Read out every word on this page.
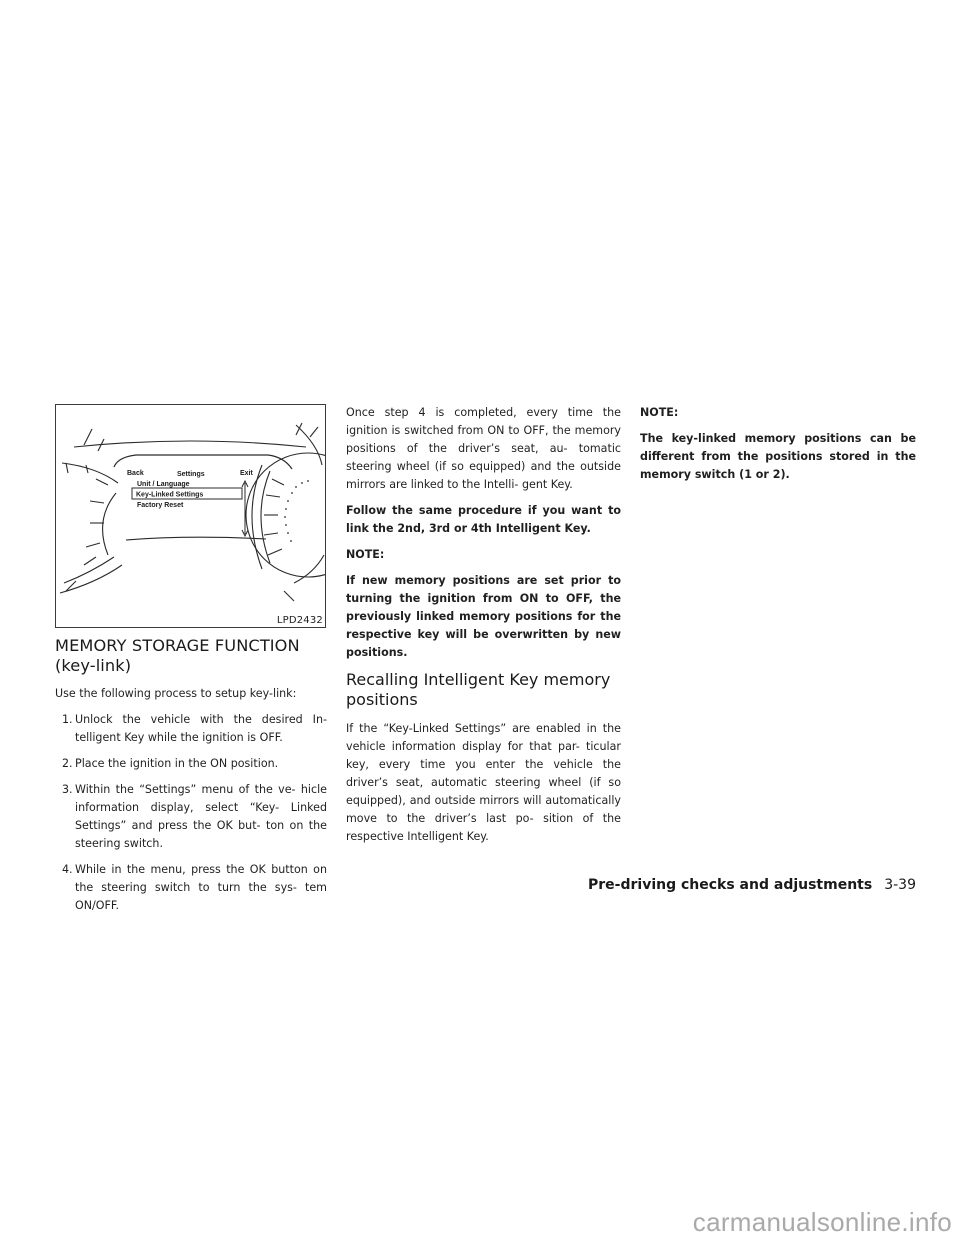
Back	Settings	Exit
Unit / Language
Key-Linked Settings
Factory Reset
LPD2432
MEMORY STORAGE FUNCTION
(key-link)

Use the following process to setup key-link:

1. Unlock the vehicle with the desired In- telligent Key while the ignition is OFF.
2. Place the ignition in the ON position.
3. Within the “Settings” menu of the ve- hicle information display, select “Key- Linked Settings” and press the OK but- ton on the steering switch.
4. While in the menu, press the OK button on the steering switch to turn the sys- tem ON/OFF.

Once step 4 is completed, every time the ignition is switched from ON to OFF, the memory positions of the driver’s seat, au- tomatic steering wheel (if so equipped) and the outside mirrors are linked to the Intelli- gent Key.

Follow the same procedure if you want to link the 2nd, 3rd or 4th Intelligent Key.

NOTE:

If new memory positions are set prior to turning the ignition from ON to OFF, the previously linked memory positions for the respective key will be overwritten by new positions.

Recalling Intelligent Key memory
positions

If the “Key-Linked Settings” are enabled in the vehicle information display for that par- ticular key, every time you enter the vehicle the driver’s seat, automatic steering wheel (if so equipped), and outside mirrors will automatically move to the driver’s last po- sition of the respective Intelligent Key.

NOTE:

The key-linked memory positions can be different from the positions stored in the memory switch (1 or 2).

Pre-driving checks and adjustments 3-39
carmanualsonline.info
